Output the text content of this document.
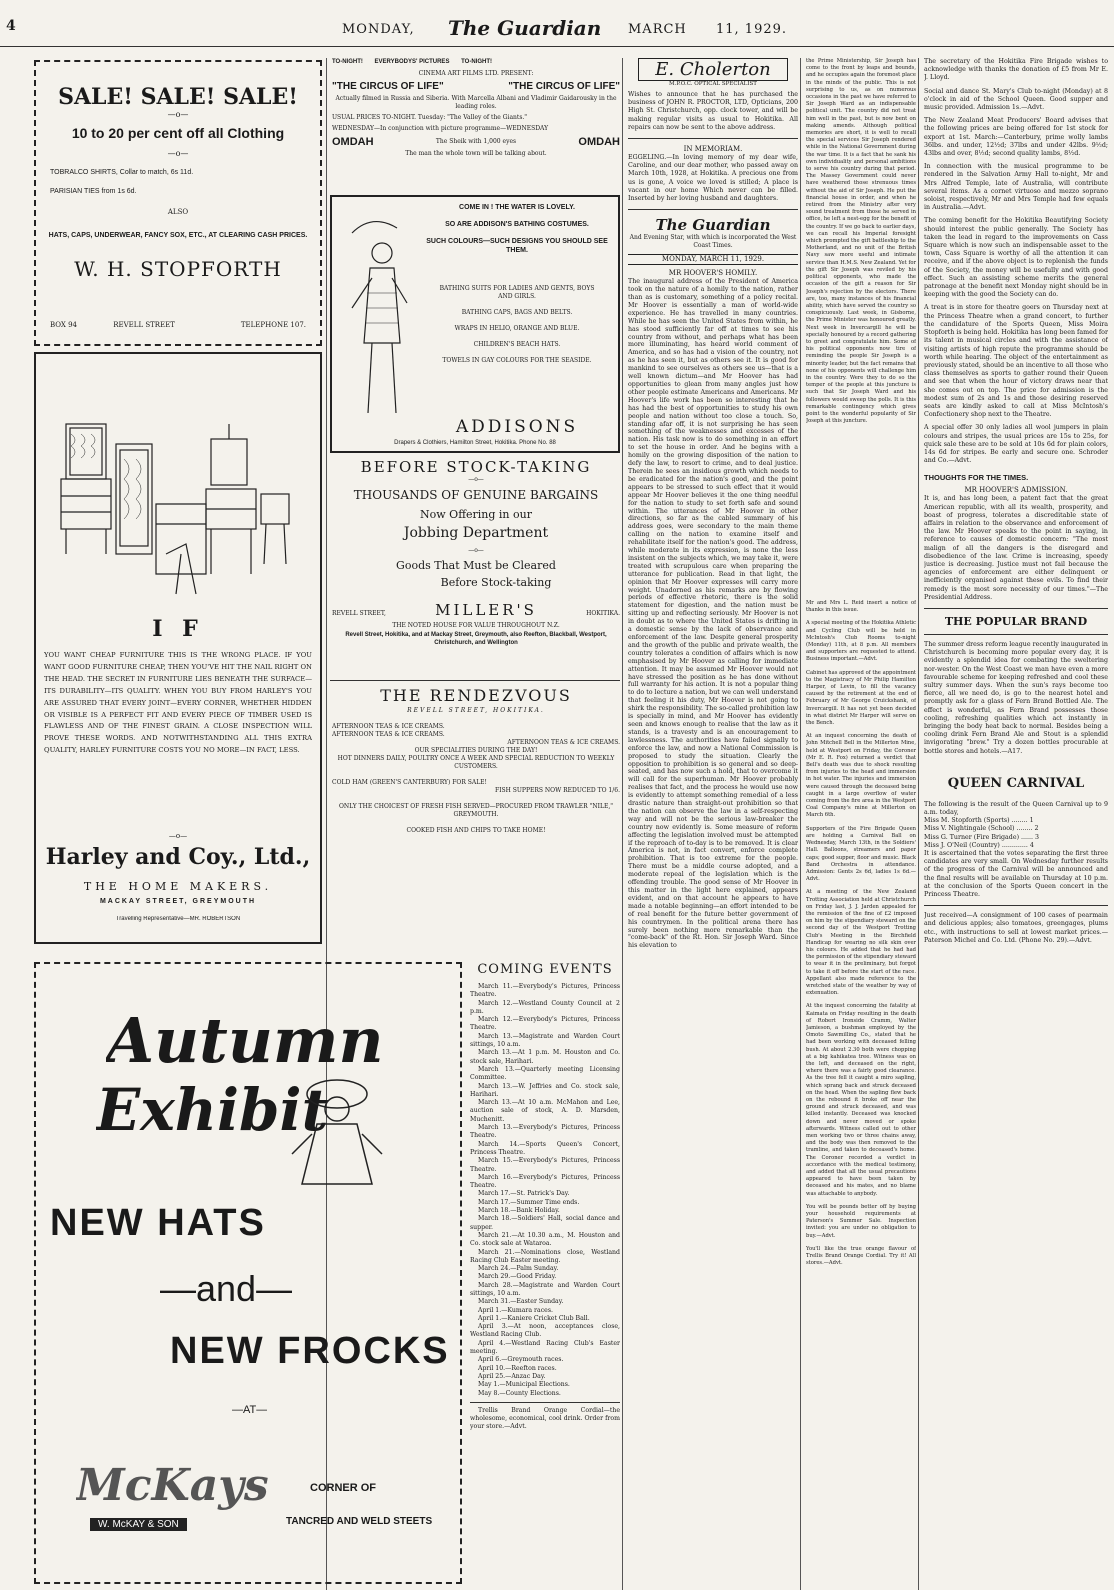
4	MONDAY, The Guardian MARCH 11, 1929.
SALE! SALE! SALE!
—o—
10 to 20 per cent off all Clothing
—o—
TOBRALCO SHIRTS, Collar to match, 6s 11d.
PARISIAN TIES from 1s 6d.
ALSO
HATS, CAPS, UNDERWEAR, FANCY SOX, ETC., AT CLEARING CASH PRICES.
W. H. STOPFORTH
BOX 94	REVELL STREET	TELEPHONE 107.
I F
YOU WANT CHEAP FURNITURE THIS IS THE WRONG PLACE. IF YOU WANT GOOD FURNITURE CHEAP, THEN YOU'VE HIT THE NAIL RIGHT ON THE HEAD. THE SECRET IN FURNITURE LIES BENEATH THE SURFACE—ITS DURABILITY—ITS QUALITY. WHEN YOU BUY FROM HARLEY'S YOU ARE ASSURED THAT EVERY JOINT—EVERY CORNER, WHETHER HIDDEN OR VISIBLE IS A PERFECT FIT AND EVERY PIECE OF TIMBER USED IS FLAWLESS AND OF THE FINEST GRAIN. A CLOSE INSPECTION WILL PROVE THESE WORDS. AND NOTWITHSTANDING ALL THIS EXTRA QUALITY, HARLEY FURNITURE COSTS YOU NO MORE—IN FACT, LESS.
—o—
Harley and Coy., Ltd.,
THE HOME MAKERS.
MACKAY STREET, GREYMOUTH
Travelling Representative—MR. ROBERTSON
Autumn
Exhibit
NEW HATS
—and—
NEW FROCKS
—AT—
McKays
W. McKAY & SON
CORNER OF
TANCRED AND WELD STEETS
TO-NIGHT!       EVERYBODYS' PICTURES       TO-NIGHT!
CINEMA ART FILMS LTD. PRESENT:
"THE CIRCUS OF LIFE"	"THE CIRCUS OF LIFE"
Actually filmed in Russia and Siberia. With Marcella Albani and Vladimir Gaidarousky in the leading roles.
USUAL PRICES TO-NIGHT. Tuesday: "The Valley of the Giants."
WEDNESDAY—In conjunction with picture programme—WEDNESDAY
OMDAH	The Sheik with 1,000 eyes	OMDAH
The man the whole town will be talking about.
COME IN ! THE WATER IS LOVELY.
SO ARE ADDISON'S BATHING COSTUMES.
SUCH COLOURS—SUCH DESIGNS YOU SHOULD SEE THEM.
BATHING SUITS FOR LADIES AND GENTS, BOYS AND GIRLS.
BATHING CAPS, BAGS AND BELTS.
WRAPS IN HELIO, ORANGE AND BLUE.
CHILDREN'S BEACH HATS.
TOWELS IN GAY COLOURS FOR THE SEASIDE.
ADDISONS
Drapers & Clothiers, Hamilton Street, Hokitika. Phone No. 88
BEFORE STOCK-TAKING
—o—
THOUSANDS OF GENUINE BARGAINS
Now Offering in our
Jobbing Department
—o—
Goods That Must be Cleared
Before Stock-taking
REVELL STREET,	MILLER'S	HOKITIKA.
THE NOTED HOUSE FOR VALUE THROUGHOUT N.Z.
Revell Street, Hokitika, and at Mackay Street, Greymouth, also Reefton, Blackball, Westport, Christchurch, and Wellington
THE RENDEZVOUS
REVELL STREET, HOKITIKA.
AFTERNOON TEAS & ICE CREAMS.
AFTERNOON TEAS & ICE CREAMS.
AFTERNOON TEAS & ICE CREAMS.
OUR SPECIALITIES DURING THE DAY!
HOT DINNERS DAILY, POULTRY ONCE A WEEK AND SPECIAL REDUCTION TO WEEKLY CUSTOMERS.
COLD HAM (GREEN'S CANTERBURY) FOR SALE!
FISH SUPPERS NOW REDUCED TO 1/6.
ONLY THE CHOICEST OF FRESH FISH SERVED—PROCURED FROM TRAWLER "NILE," GREYMOUTH.
COOKED FISH AND CHIPS TO TAKE HOME!
COMING EVENTS

March 11.—Everybody's Pictures, Princess Theatre.

March 12.—Westland County Council at 2 p.m.

March 12.—Everybody's Pictures, Princess Theatre.

March 13.—Magistrate and Warden Court sittings, 10 a.m.

March 13.—At 1 p.m. M. Houston and Co. stock sale, Harihari.

March 13.—Quarterly meeting Licensing Committee.

March 13.—W. Jeffries and Co. stock sale, Harihari.

March 13.—At 10 a.m. McMahon and Lee, auction sale of stock, A. D. Marsden, Muchenitt.

March 13.—Everybody's Pictures, Princess Theatre.

March 14.—Sports Queen's Concert, Princess Theatre.

March 15.—Everybody's Pictures, Princess Theatre.

March 16.—Everybody's Pictures, Princess Theatre.

March 17.—St. Patrick's Day.

March 17.—Summer Time ends.

March 18.—Bank Holiday.

March 18.—Soldiers' Hall, social dance and supper.

March 21.—At 10.30 a.m., M. Houston and Co. stock sale at Wataroa.

March 21.—Nominations close, Westland Racing Club Easter meeting.

March 24.—Palm Sunday.

March 29.—Good Friday.

March 28.—Magistrate and Warden Court sittings, 10 a.m.

March 31.—Easter Sunday.

April 1.—Kumara races.

April 1.—Kaniere Cricket Club Ball.

April 3.—At noon, acceptances close, Westland Racing Club.

April 4.—Westland Racing Club's Easter meeting.

April 6.—Greymouth races.

April 10.—Reefton races.

April 25.—Anzac Day.

May 1.—Municipal Elections.

May 8.—County Elections.

Trellis Brand Orange Cordial—the wholesome, economical, cool drink. Order from your store.—Advt.
E. Cholerton
M.P.O.C. OPTICAL SPECIALIST
Wishes to announce that he has purchased the business of JOHN R. PROCTOR, LTD, Opticians, 200 High St. Christchurch, opp. clock tower, and will be making regular visits as usual to Hokitika. All repairs can now be sent to the above address.
IN MEMORIAM.
EGGELING.—In loving memory of my dear wife, Caroline, and our dear mother, who passed away on March 10th, 1928, at Hokitika. A precious one from us is gone, A voice we loved is stilled; A place is vacant in our home Which never can be filled. Inserted by her loving husband and daughters.
The Guardian
And Evening Star, with which is incorporated the West Coast Times.
MONDAY, MARCH 11, 1929.
MR HOOVER'S HOMILY.
The inaugural address of the President of America took on the nature of a homily to the nation, rather than as is customary, something of a policy recital. Mr Hoover is essentially a man of world-wide experience. He has travelled in many countries. While he has seen the United States from within, he has stood sufficiently far off at times to see his country from without, and perhaps what has been more illuminating, has heard world comment of America, and so has had a vision of the country, not as he has seen it, but as others see it. It is good for mankind to see ourselves as others see us—that is a well known dictum—and Mr Hoover has had opportunities to glean from many angles just how other people estimate Americans and Americans. Mr Hoover's life work has been so interesting that he has had the best of opportunities to study his own people and nation without too close a touch. So, standing afar off, it is not surprising he has seen something of the weaknesses and excesses of the nation. His task now is to do something in an effort to set the house in order. And he begins with a homily on the growing disposition of the nation to defy the law, to resort to crime, and to deal justice. Therein he sees an insidious growth which needs to be eradicated for the nation's good, and the point appears to be stressed to such effect that it would appear Mr Hoover believes it the one thing needful for the nation to study to set forth safe and sound within. The utterances of Mr Hoover in other directions, so far as the cabled summary of his address goes, were secondary to the main theme calling on the nation to examine itself and rehabilitate itself for the nation's good. The address, while moderate in its expression, is none the less insistent on the subjects which, we may take it, were treated with scrupulous care when preparing the utterance for publication. Read in that light, the opinion that Mr Hoover expresses will carry more weight. Unadorned as his remarks are by flowing periods of effective rhetoric, there is the solid statement for digestion, and the nation must be sitting up and reflecting seriously. Mr Hoover is not in doubt as to where the United States is drifting in a domestic sense by the lack of observance and enforcement of the law. Despite general prosperity and the growth of the public and private wealth, the country tolerates a condition of affairs which is now emphasised by Mr Hoover as calling for immediate attention. It may be assumed Mr Hoover would not have stressed the position as he has done without full warranty for his action. It is not a popular thing to do to lecture a nation, but we can well understand that feeling it his duty, Mr Hoover is not going to shirk the responsibility. The so-called prohibition law is specially in mind, and Mr Hoover has evidently seen and knows enough to realise that the law as it stands, is a travesty and is an encouragement to lawlessness. The authorities have failed signally to enforce the law, and now a National Commission is proposed to study the situation. Clearly the opposition to prohibition is so general and so deep-seated, and has now such a hold, that to overcome it will call for the superhuman. Mr Hoover probably realises that fact, and the process he would use now is evidently to attempt something remedial of a less drastic nature than straight-out prohibition so that the nation can observe the law in a self-respecting way and will not be the serious law-breaker the country now evidently is. Some measure of reform affecting the legislation involved must be attempted if the reproach of to-day is to be removed. It is clear America is not, in fact convert, enforce complete prohibition. That is too extreme for the people. There must be a middle course adopted, and a moderate repeal of the legislation which is the offending trouble. The good sense of Mr Hoover in this matter in the light here explained, appears evident, and on that account he appears to have made a notable beginning—an effort intended to be of real benefit for the future better government of his countrymen. In the political arena there has surely been nothing more remarkable than the "come-back" of the Rt. Hon. Sir Joseph Ward. Since his elevation to
the Prime Ministership, Sir Joseph has come to the front by leaps and bounds, and he occupies again the foremost place in the minds of the public. This is not surprising to us, as on numerous occasions in the past we have referred to Sir Joseph Ward as an indispensable political unit. The country did not treat him well in the past, but is now bent on making amends. Although political memories are short, it is well to recall the special services Sir Joseph rendered while in the National Government during the war time. It is a fact that he sank his own individuality and personal ambitions to serve his country during that period. The Massey Government could never have weathered those strenuous times without the aid of Sir Joseph. He put the financial house in order, and when he retired from the Ministry after very sound treatment from those he served in office, he left a nest-egg for the benefit of the country. If we go back to earlier days, we can recall his Imperial foresight which prompted the gift battleship to the Motherland, and no unit of the British Navy saw more useful and intimate service than H.M.S. New Zealand. Yet for the gift Sir Joseph was reviled by his political opponents, who made the occasion of the gift a reason for Sir Joseph's rejection by the electors. There are, too, many instances of his financial ability, which have served the country so conspicuously. Last week, in Gisborne, the Prime Minister was honoured greatly. Next week in Invercargill he will be specially honoured by a record gathering to greet and congratulate him. Some of his political opponents now tire of reminding the people Sir Joseph is a minority leader, but the fact remains that none of his opponents will challenge him in the country. Were they to do so the temper of the people at this juncture is such that Sir Joseph Ward and his followers would sweep the polls. It is this remarkable contingency which gives point to the wonderful popularity of Sir Joseph at this juncture.
Mr and Mrs L. Reid insert a notice of thanks in this issue.
A special meeting of the Hokitika Athletic and Cycling Club will be held in McIntosh's Club Rooms to-night (Monday) 11th, at 8 p.m. All members and supporters are requested to attend. Business important.—Advt.
Cabinet has approved of the appointment to the Magistracy of Mr Philip Hamilton Harper, of Levin, to fill the vacancy caused by the retirement at the end of February of Mr George Cruickshank, of Invercargill. It has not yet been decided in what district Mr Harper will serve on the Bench.
At an inquest concerning the death of John Mitchell Bell in the Millerton Mine, held at Westport on Friday, the Coroner (Mr E. R. Fox) returned a verdict that Bell's death was due to shock resulting from injuries to the head and immersion in hot water. The injuries and immersion were caused through the deceased being caught in a large overflow of water coming from the fire area in the Westport Coal Company's mine at Millerton on March 6th.
Supporters of the Fire Brigade Queen are holding a Carnival Ball on Wednesday, March 13th, in the Soldiers' Hall. Balloons, streamers and paper caps; good supper, floor and music. Black Band Orchestra in attendance. Admission: Gents 2s 6d, ladies 1s 6d.—Advt.
At a meeting of the New Zealand Trotting Association held at Christchurch on Friday last, J. J. Jarden appealed for the remission of the fine of £2 imposed on him by the stipendiary steward on the second day of the Westport Trotting Club's Meeting in the Birchfield Handicap for wearing no silk skin over his colours. He added that he had had the permission of the stipendiary steward to wear it in the preliminary, but forgot to take it off before the start of the race. Appellant also made reference to the wretched state of the weather by way of extenuation.
At the inquest concerning the fatality at Kaimata on Friday resulting in the death of Robert Ironside Cramm, Walter Jamieson, a bushman employed by the Omoto Sawmilling Co., stated that he had been working with deceased felling bush. At about 2.30 both were chopping at a big kahikatea tree. Witness was on the left, and deceased on the right, where there was a fairly good clearance. As the tree fell it caught a miro sapling, which sprang back and struck deceased on the head. When the sapling flew back on the rebound it broke off near the ground and struck deceased, and was killed instantly. Deceased was knocked down and never moved or spoke afterwards. Witness called out to other men working two or three chains away, and the body was then removed to the tramline, and taken to deceased's home. The Coroner recorded a verdict in accordance with the medical testimony, and added that all the usual precautions appeared to have been taken by deceased and his mates, and no blame was attachable to anybody.
You will be pounds better off by buying your household requirements at Paterson's Summer Sale. Inspection invited: you are under no obligation to buy.—Advt.
You'll like the true orange flavour of Trellis Brand Orange Cordial. Try it! All stores.—Advt.
The secretary of the Hokitika Fire Brigade wishes to acknowledge with thanks the donation of £5 from Mr E. J. Lloyd.
Social and dance St. Mary's Club to-night (Monday) at 8 o'clock in aid of the School Queen. Good supper and music provided. Admission 1s.—Advt.
The New Zealand Meat Producers' Board advises that the following prices are being offered for 1st stock for export at 1st. March:—Canterbury, prime wolly lambs 36lbs. and under, 12½d; 37lbs and under 42lbs. 9½d; 43lbs and over, 8½d; second quality lambs, 8½d.
In connection with the musical programme to be rendered in the Salvation Army Hall to-night, Mr and Mrs Alfred Temple, late of Australia, will contribute several items. As a cornet virtuoso and mezzo soprano soloist, respectively, Mr and Mrs Temple had few equals in Australia.—Advt.
The coming benefit for the Hokitika Beautifying Society should interest the public generally. The Society has taken the lead in regard to the improvements on Cass Square which is now such an indispensable asset to the town, Cass Square is worthy of all the attention it can receive, and if the above object is to replenish the funds of the Society, the money will be usefully and with good effect. Such an assisting scheme merits the general patronage at the benefit next Monday night should be in keeping with the good the Society can do.
A treat is in store for theatre goers on Thursday next at the Princess Theatre when a grand concert, to further the candidature of the Sports Queen, Miss Moira Stopforth is being held. Hokitika has long been famed for its talent in musical circles and with the assistance of visiting artists of high repute the programme should be worth while hearing. The object of the entertainment as previously stated, should be an incentive to all those who class themselves as sports to gather round their Queen and see that when the hour of victory draws near that she comes out on top. The price for admission is the modest sum of 2s and 1s and those desiring reserved seats are kindly asked to call at Miss McIntosh's Confectionery shop next to the Theatre.
A special offer 30 only ladies all wool jumpers in plain colours and stripes, the usual prices are 15s to 25s, for quick sale these are to be sold at 10s 6d for plain colors, 14s 6d for stripes. Be early and secure one. Schroder and Co.—Advt.
THOUGHTS FOR THE TIMES.
MR HOOVER'S ADMISSION.
It is, and has long been, a patent fact that the great American republic, with all its wealth, prosperity, and boast of progress, tolerates a discreditable state of affairs in relation to the observance and enforcement of the law. Mr Hoover speaks to the point in saying, in reference to causes of domestic concern: "The most malign of all the dangers is the disregard and disobedience of the law. Crime is increasing, speedy justice is decreasing. Justice must not fail because the agencies of enforcement are either delinquent or inefficiently organised against these evils. To find their remedy is the most sore necessity of our times."—The Presidential Address.
THE POPULAR BRAND
The summer dress reform league recently inaugurated in Christchurch is becoming more popular every day, it is evidently a splendid idea for combating the sweltering nor-wester. On the West Coast we man have even a more favourable scheme for keeping refreshed and cool these sultry summer days. When the sun's rays become too fierce, all we need do, is go to the nearest hotel and promptly ask for a glass of Fern Brand Bottled Ale. The effect is wonderful, as Fern Brand possesses those cooling, refreshing qualities which act instantly in bringing the body heat back to normal. Besides being a cooling drink Fern Brand Ale and Stout is a splendid invigorating "brew." Try a dozen bottles procurable at bottle stores and hotels.—A17.
QUEEN CARNIVAL
The following is the result of the Queen Carnival up to 9 a.m. today,
Miss M. Stopforth (Sports) ........ 1
Miss V. Nightingale (School) ........ 2
Miss G. Turner (Fire Brigade) ...... 3
Miss J. O'Neil (Country) ............. 4
It is ascertained that the votes separating the first three candidates are very small. On Wednesday further results of the progress of the Carnival will be announced and the final results will be available on Thursday at 10 p.m. at the conclusion of the Sports Queen concert in the Princess Theatre.
Just received—A consignment of 100 cases of pearmain and delicious apples; also tomatoes, greengages, plums etc., with instructions to sell at lowest market prices.—Paterson Michel and Co. Ltd. (Phone No. 29).—Advt.
